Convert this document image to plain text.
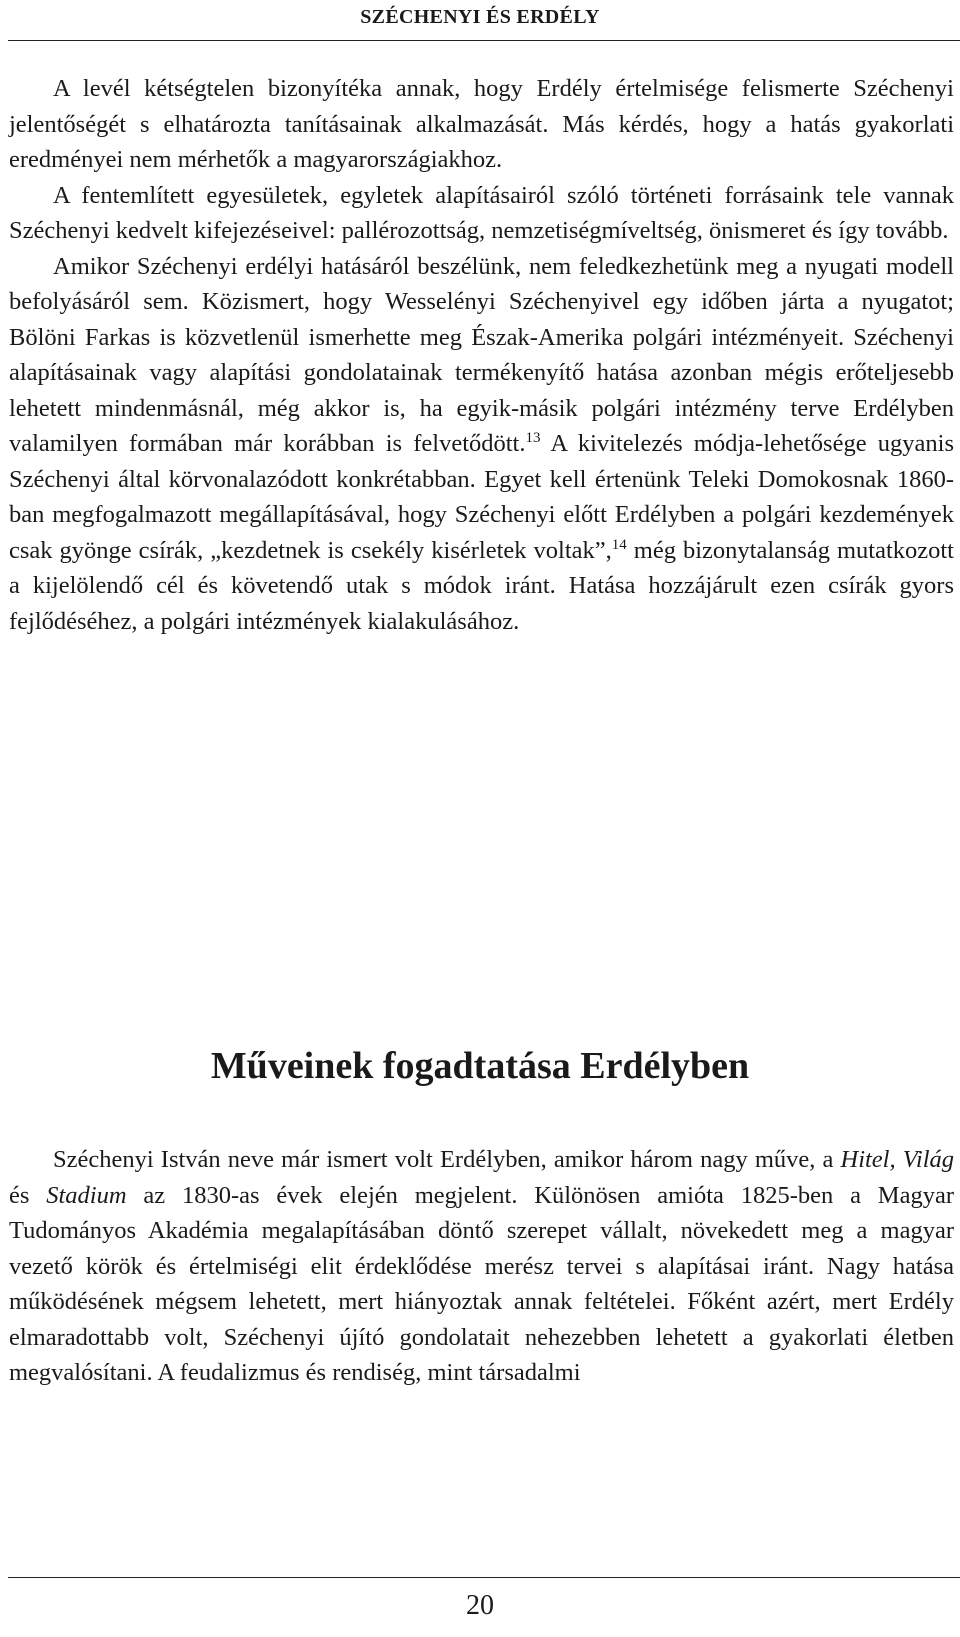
SZÉCHENYI ÉS ERDÉLY

A levél kétségtelen bizonyítéka annak, hogy Erdély értelmisége felismerte Széchenyi jelentőségét s elhatározta tanításainak alkalmazását. Más kérdés, hogy a hatás gyakorlati eredményei nem mérhetők a magyarországiakhoz.

A fentemlített egyesületek, egyletek alapításairól szóló történeti forrásaink tele vannak Széchenyi kedvelt kifejezéseivel: pallérozottság, nemzetiségmíveltség, önismeret és így tovább.

Amikor Széchenyi erdélyi hatásáról beszélünk, nem feledkezhetünk meg a nyugati modell befolyásáról sem. Közismert, hogy Wesselényi Széchenyivel egy időben járta a nyugatot; Bölöni Farkas is közvetlenül ismerhette meg Észak-Amerika polgári intézményeit. Széchenyi alapításainak vagy alapítási gondolatainak termékenyítő hatása azonban mégis erőteljesebb lehetett mindenmásnál, még akkor is, ha egyik-másik polgári intézmény terve Erdélyben valamilyen formában már korábban is felvetődött.$^{13}$ A kivitelezés módja-lehetősége ugyanis Széchenyi által körvonalazódott konkrétabban. Egyet kell értenünk Teleki Domokosnak 1860-ban megfogalmazott megállapításával, hogy Széchenyi előtt Erdélyben a polgári kezdemények csak gyönge csírák, „kezdetnek is csekély kisérletek voltak”,$^{14}$ még bizonytalanság mutatkozott a kijelölendő cél és követendő utak s módok iránt. Hatása hozzájárult ezen csírák gyors fejlődéséhez, a polgári intézmények kialakulásához.

Műveinek fogadtatása Erdélyben

Széchenyi István neve már ismert volt Erdélyben, amikor három nagy műve, a Hitel, Világ és Stadium az 1830-as évek elején megjelent. Különösen amióta 1825-ben a Magyar Tudományos Akadémia megalapításában döntő szerepet vállalt, növekedett meg a magyar vezető körök és értelmiségi elit érdeklődése merész tervei s alapításai iránt. Nagy hatása működésének mégsem lehetett, mert hiányoztak annak feltételei. Főként azért, mert Erdély elmaradottabb volt, Széchenyi újító gondolatait nehezebben lehetett a gyakorlati életben megvalósítani. A feudalizmus és rendiség, mint társadalmi

20
